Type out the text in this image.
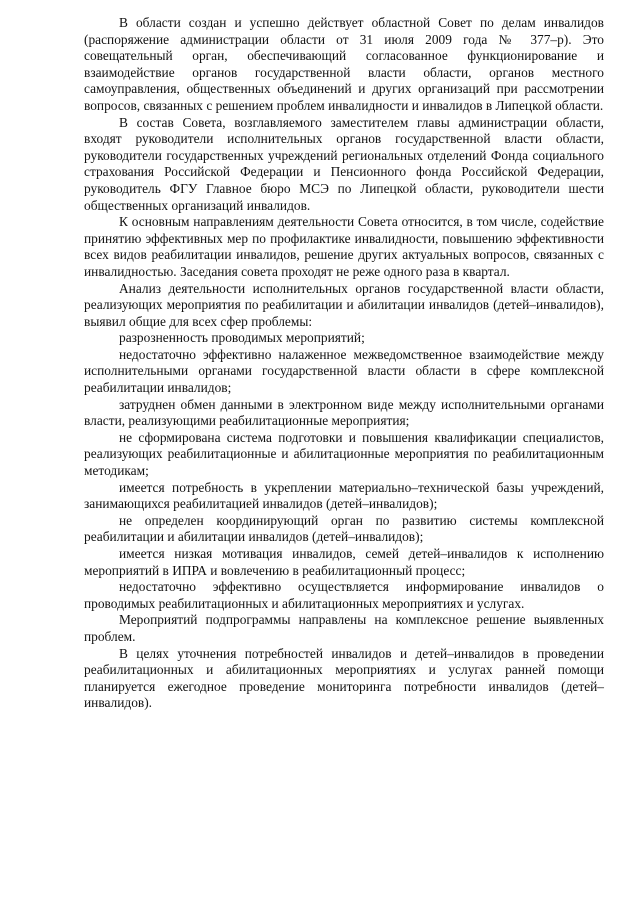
В области создан и успешно действует областной Совет по делам инвалидов (распоряжение администрации области от 31 июля 2009 года № 377–р). Это совещательный орган, обеспечивающий согласованное функционирование и взаимодействие органов государственной власти области, органов местного самоуправления, общественных объединений и других организаций при рассмотрении вопросов, связанных с решением проблем инвалидности и инвалидов в Липецкой области.

В состав Совета, возглавляемого заместителем главы администрации области, входят руководители исполнительных органов государственной власти области, руководители государственных учреждений региональных отделений Фонда социального страхования Российской Федерации и Пенсионного фонда Российской Федерации, руководитель ФГУ Главное бюро МСЭ по Липецкой области, руководители шести общественных организаций инвалидов.

К основным направлениям деятельности Совета относится, в том числе, содействие принятию эффективных мер по профилактике инвалидности, повышению эффективности всех видов реабилитации инвалидов, решение других актуальных вопросов, связанных с инвалидностью. Заседания совета проходят не реже одного раза в квартал.

Анализ деятельности исполнительных органов государственной власти области, реализующих мероприятия по реабилитации и абилитации инвалидов (детей–инвалидов), выявил общие для всех сфер проблемы:

разрозненность проводимых мероприятий;

недостаточно эффективно налаженное межведомственное взаимодействие между исполнительными органами государственной власти области в сфере комплексной реабилитации инвалидов;

затруднен обмен данными в электронном виде между исполнительными органами власти, реализующими реабилитационные мероприятия;

не сформирована система подготовки и повышения квалификации специалистов, реализующих реабилитационные и абилитационные мероприятия по реабилитационным методикам;

имеется потребность в укреплении материально–технической базы учреждений, занимающихся реабилитацией инвалидов (детей–инвалидов);

не определен координирующий орган по развитию системы комплексной реабилитации и абилитации инвалидов (детей–инвалидов);

имеется низкая мотивация инвалидов, семей детей–инвалидов к исполнению мероприятий в ИПРА и вовлечению в реабилитационный процесс;

недостаточно эффективно осуществляется информирование инвалидов о проводимых реабилитационных и абилитационных мероприятиях и услугах.

Мероприятий подпрограммы направлены на комплексное решение выявленных проблем.

В целях уточнения потребностей инвалидов и детей–инвалидов в проведении реабилитационных и абилитационных мероприятиях и услугах ранней помощи планируется ежегодное проведение мониторинга потребности инвалидов (детей–инвалидов).
